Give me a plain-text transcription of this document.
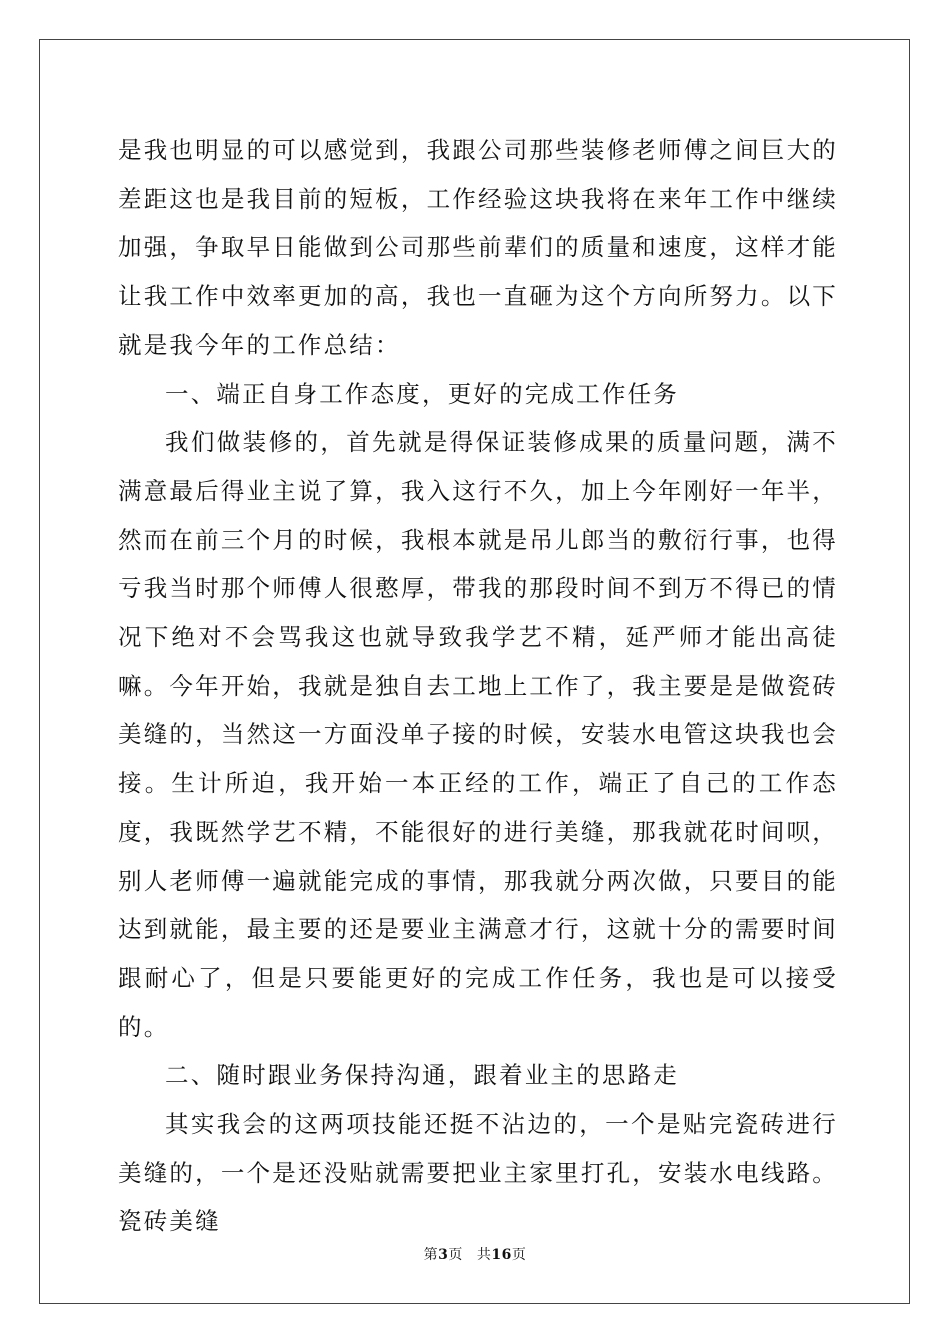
是我也明显的可以感觉到，我跟公司那些装修老师傅之间巨大的差距这也是我目前的短板，工作经验这块我将在来年工作中继续加强，争取早日能做到公司那些前辈们的质量和速度，这样才能让我工作中效率更加的高，我也一直砸为这个方向所努力。以下就是我今年的工作总结：

一、端正自身工作态度，更好的完成工作任务

我们做装修的，首先就是得保证装修成果的质量问题，满不满意最后得业主说了算，我入这行不久，加上今年刚好一年半，然而在前三个月的时候，我根本就是吊儿郎当的敷衍行事，也得亏我当时那个师傅人很憨厚，带我的那段时间不到万不得已的情况下绝对不会骂我这也就导致我学艺不精，延严师才能出高徒嘛。今年开始，我就是独自去工地上工作了，我主要是是做瓷砖美缝的，当然这一方面没单子接的时候，安装水电管这块我也会接。生计所迫，我开始一本正经的工作，端正了自己的工作态度，我既然学艺不精，不能很好的进行美缝，那我就花时间呗，别人老师傅一遍就能完成的事情，那我就分两次做，只要目的能达到就能，最主要的还是要业主满意才行，这就十分的需要时间跟耐心了，但是只要能更好的完成工作任务，我也是可以接受的。

二、随时跟业务保持沟通，跟着业主的思路走

其实我会的这两项技能还挺不沾边的，一个是贴完瓷砖进行美缝的，一个是还没贴就需要把业主家里打孔，安装水电线路。瓷砖美缝

第3页 共16页
